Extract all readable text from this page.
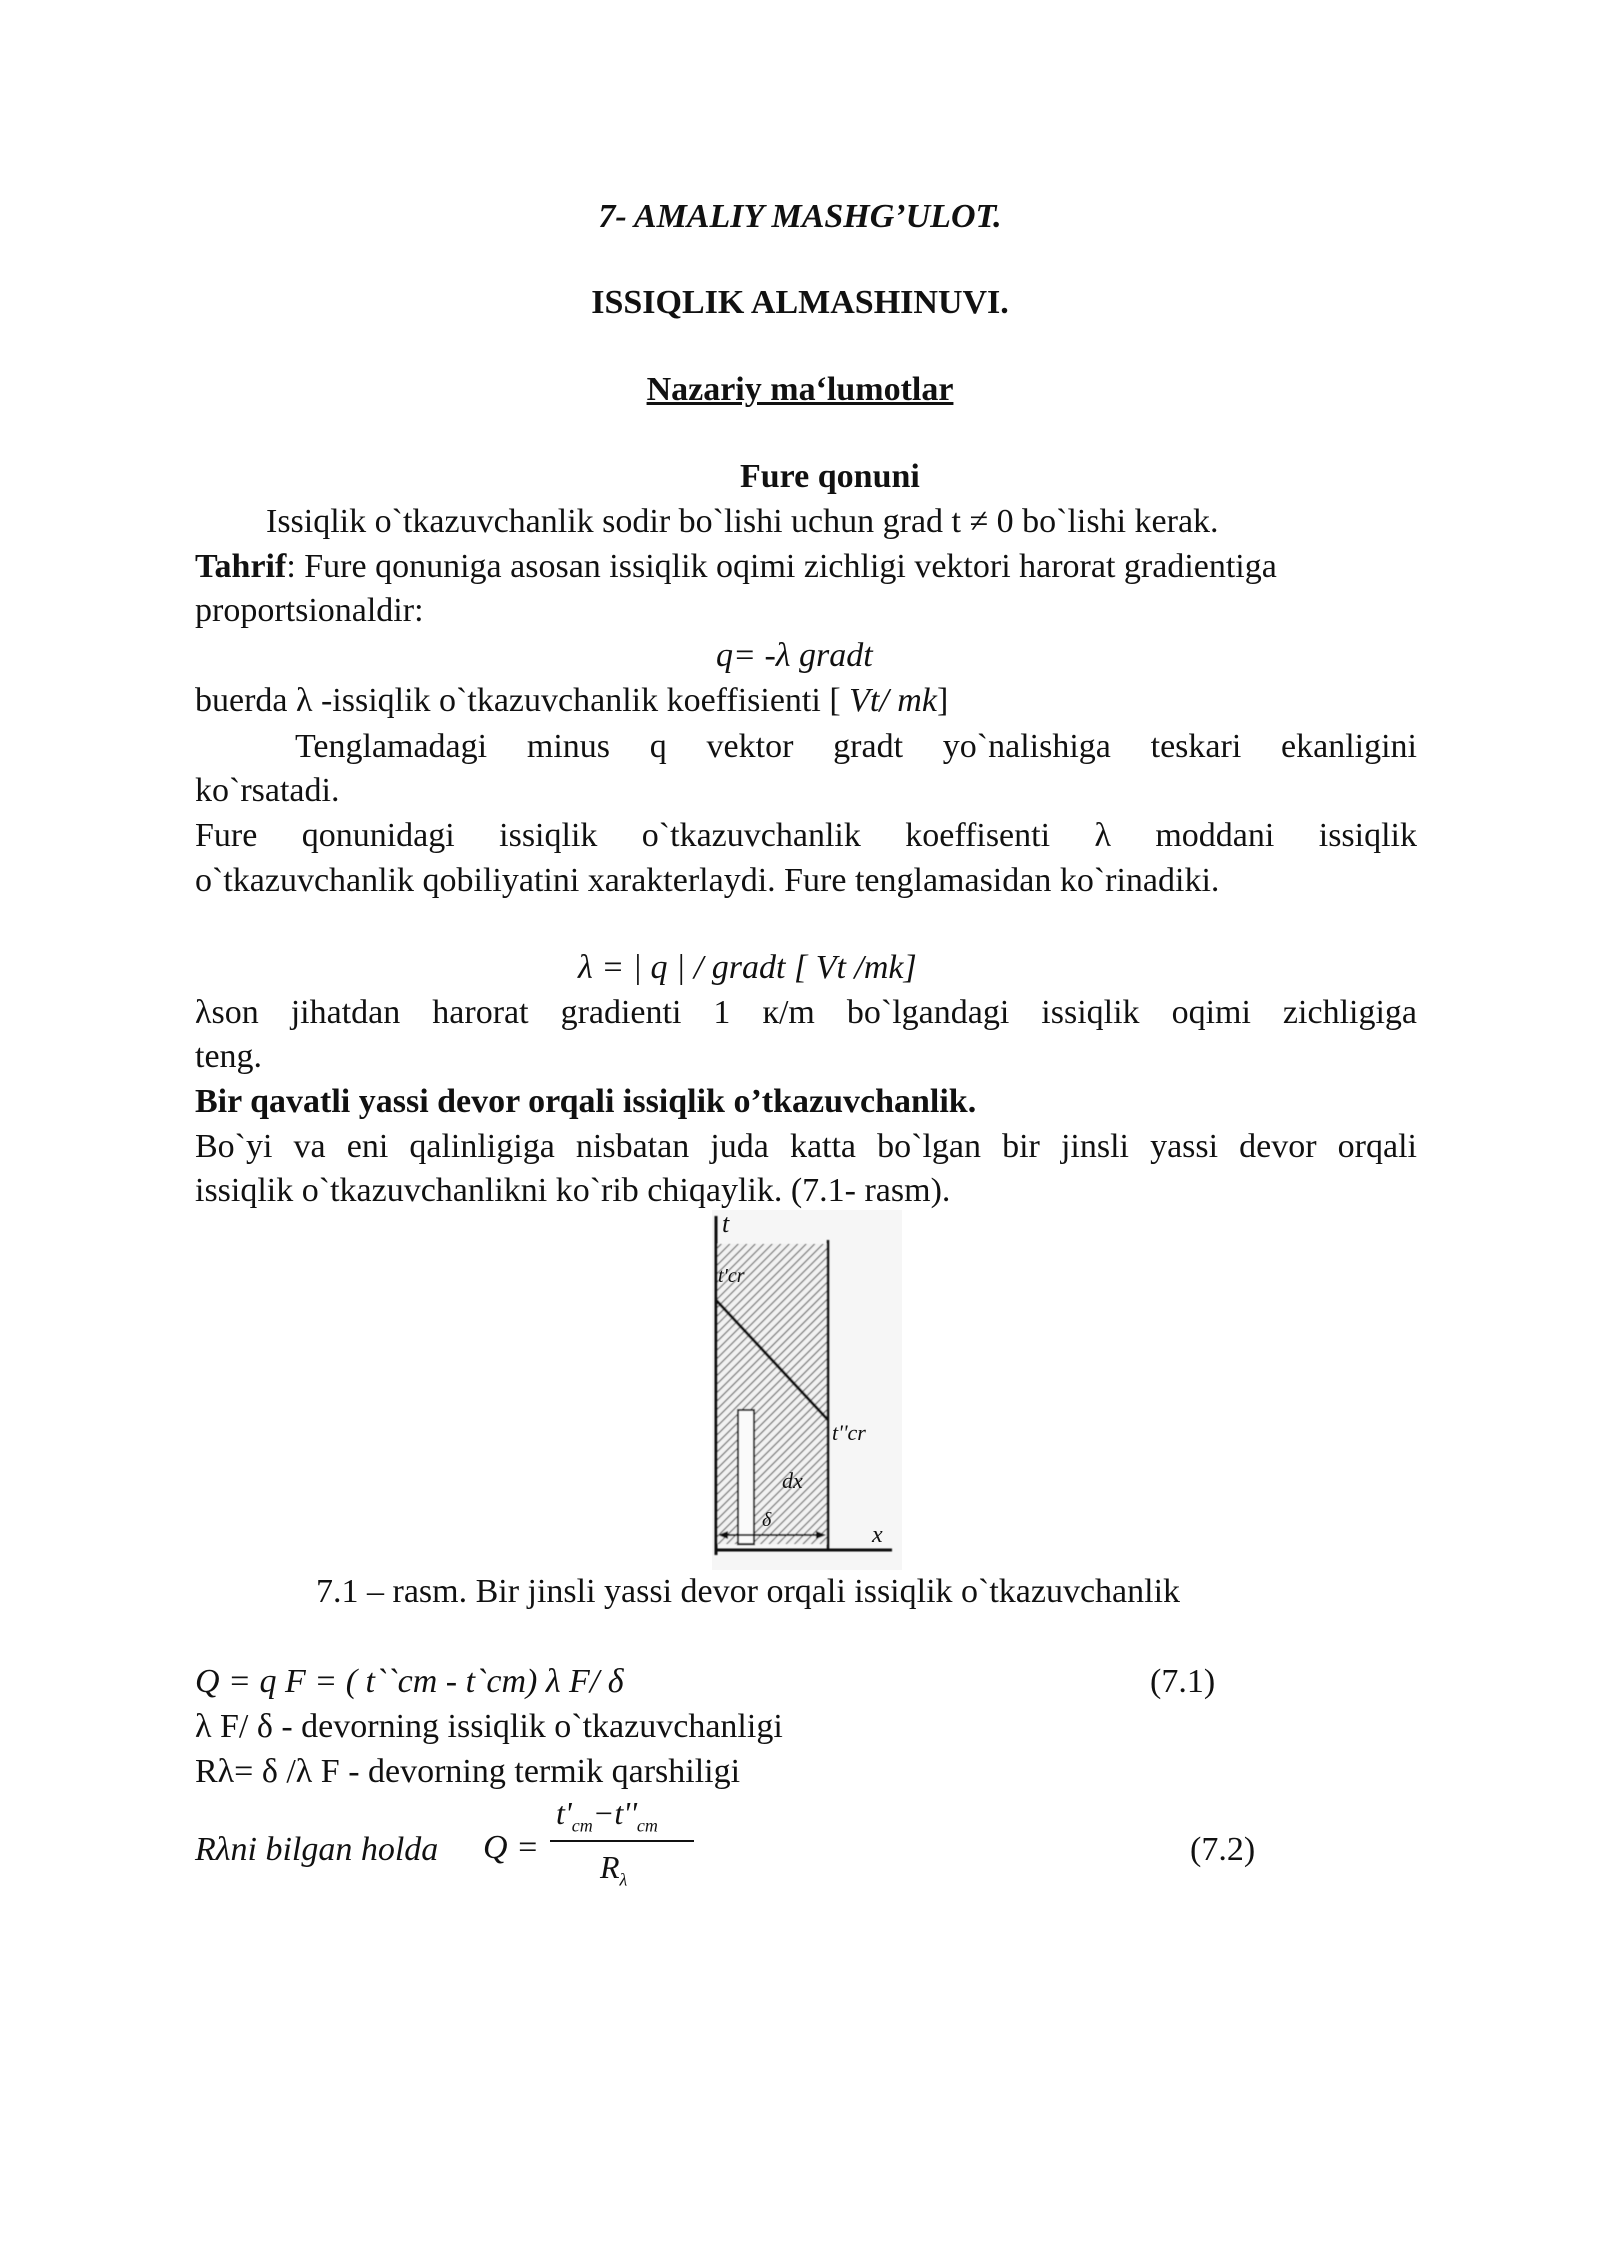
7- AMALIY MASHG’ULOT.
ISSIQLIK ALMASHINUVI.
Nazariy ma‘lumotlar
Fure qonuni
Issiqlik o`tkazuvchanlik sodir bo`lishi uchun grad t ≠ 0 bo`lishi kerak.
Tahrif: Fure qonuniga asosan issiqlik oqimi zichligi vektori harorat gradientiga
proportsionaldir:
q= -λ gradt
buerda λ -issiqlik o`tkazuvchanlik koeffisienti [ Vt/ mk]
Tenglamadagi minus q vektor gradt yo`nalishiga teskari ekanligini
ko`rsatadi.
Fure qonunidagi issiqlik o`tkazuvchanlik koeffisenti λ moddani issiqlik
o`tkazuvchanlik qobiliyatini xarakterlaydi. Fure tenglamasidan ko`rinadiki.
λ = | q | / gradt [ Vt /mk]
λson jihatdan harorat gradienti 1 к/m bo`lgandagi issiqlik oqimi zichligiga
teng.
Bir qavatli yassi devor orqali issiqlik o’tkazuvchanlik.
Bo`yi va eni qalinligiga nisbatan juda katta bo`lgan bir jinsli yassi devor orqali
issiqlik o`tkazuvchanlikni ko`rib chiqaylik. (7.1- rasm).
t
t'cr
t''cr
dx
δ
x
7.1 – rasm. Bir jinsli yassi devor orqali issiqlik o`tkazuvchanlik
Q = q F = ( t``cm - t`cm) λ F/ δ	(7.1)
λ F/ δ - devorning issiqlik o`tkazuvchanligi
Rλ= δ /λ F - devorning termik qarshiligi
Rλni bilgan holda Q =
$t'_{cm}-t''_{cm}$
$R_\lambda$
(7.2)
